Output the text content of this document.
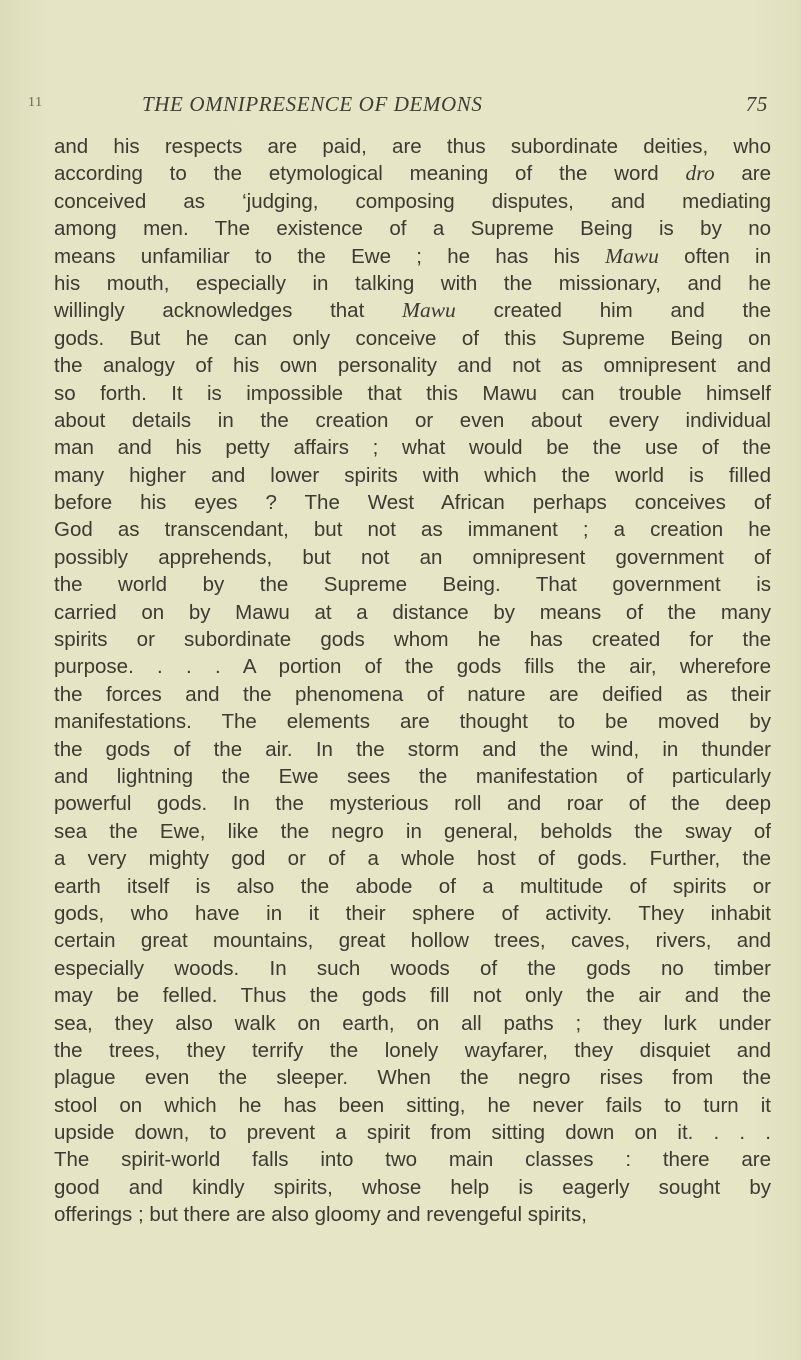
11	THE OMNIPRESENCE OF DEMONS	75
and his respects are paid, are thus subordinate deities, who
according to the etymological meaning of the word dro are
conceived as ‘judging, composing disputes, and mediating
among men. The existence of a Supreme Being is by no
means unfamiliar to the Ewe ; he has his Mawu often in
his mouth, especially in talking with the missionary, and he
willingly acknowledges that Mawu created him and the
gods. But he can only conceive of this Supreme Being on
the analogy of his own personality and not as omnipresent and
so forth. It is impossible that this Mawu can trouble himself
about details in the creation or even about every individual
man and his petty affairs ; what would be the use of the
many higher and lower spirits with which the world is filled
before his eyes ? The West African perhaps conceives of
God as transcendant, but not as immanent ; a creation he
possibly apprehends, but not an omnipresent government of
the world by the Supreme Being. That government is
carried on by Mawu at a distance by means of the many
spirits or subordinate gods whom he has created for the
purpose. . . . A portion of the gods fills the air, wherefore
the forces and the phenomena of nature are deified as their
manifestations. The elements are thought to be moved by
the gods of the air. In the storm and the wind, in thunder
and lightning the Ewe sees the manifestation of particularly
powerful gods. In the mysterious roll and roar of the deep
sea the Ewe, like the negro in general, beholds the sway of
a very mighty god or of a whole host of gods. Further, the
earth itself is also the abode of a multitude of spirits or
gods, who have in it their sphere of activity. They inhabit
certain great mountains, great hollow trees, caves, rivers, and
especially woods. In such woods of the gods no timber
may be felled. Thus the gods fill not only the air and the
sea, they also walk on earth, on all paths ; they lurk under
the trees, they terrify the lonely wayfarer, they disquiet and
plague even the sleeper. When the negro rises from the
stool on which he has been sitting, he never fails to turn it
upside down, to prevent a spirit from sitting down on it. . . .
The spirit-world falls into two main classes : there are
good and kindly spirits, whose help is eagerly sought by
offerings ; but there are also gloomy and revengeful spirits,
